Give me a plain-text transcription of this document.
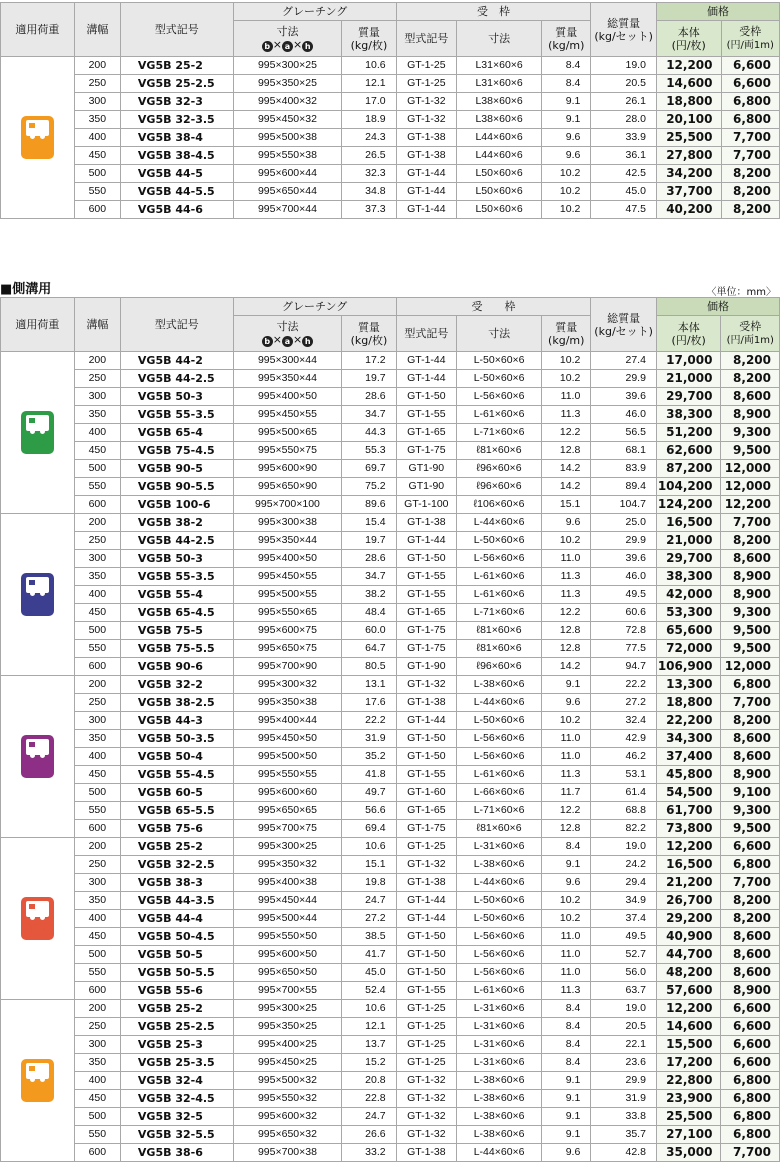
適用荷重	溝幅	型式記号	グレーチング		受　枠			総質量
(kg/セット)	価格	
			寸法
b × a × h	質量
(kg/枚)	型式記号	寸法	質量
(kg/m)		本体
(円/枚)	受枠
(円/両1m)

T-2	200	VG5B 25-2	995×300×25	10.6	GT-1-25	L31×60×6	8.4	19.0	12,200	6,600
	250	VG5B 25-2.5	995×350×25	12.1	GT-1-25	L31×60×6	8.4	20.5	14,600	6,600
	300	VG5B 32-3	995×400×32	17.0	GT-1-32	L38×60×6	9.1	26.1	18,800	6,800
	350	VG5B 32-3.5	995×450×32	18.9	GT-1-32	L38×60×6	9.1	28.0	20,100	6,800
	400	VG5B 38-4	995×500×38	24.3	GT-1-38	L44×60×6	9.6	33.9	25,500	7,700
	450	VG5B 38-4.5	995×550×38	26.5	GT-1-38	L44×60×6	9.6	36.1	27,800	7,700
	500	VG5B 44-5	995×600×44	32.3	GT-1-44	L50×60×6	10.2	42.5	34,200	8,200
	550	VG5B 44-5.5	995×650×44	34.8	GT-1-44	L50×60×6	10.2	45.0	37,700	8,200
	600	VG5B 44-6	995×700×44	37.3	GT-1-44	L50×60×6	10.2	47.5	40,200	8,200
■側溝用	〈単位：mm〉
適用荷重	溝幅	型式記号	グレーチング		受　　枠			総質量
(kg/セット)	価格	
			寸法
b × a × h	質量
(kg/枚)	型式記号	寸法	質量
(kg/m)		本体
(円/枚)	受枠
(円/両1m)

T-25	200	VG5B 44-2	995×300×44	17.2	GT-1-44	L-50×60×6	10.2	27.4	17,000	8,200
	250	VG5B 44-2.5	995×350×44	19.7	GT-1-44	L-50×60×6	10.2	29.9	21,000	8,200
	300	VG5B 50-3	995×400×50	28.6	GT-1-50	L-56×60×6	11.0	39.6	29,700	8,600
	350	VG5B 55-3.5	995×450×55	34.7	GT-1-55	L-61×60×6	11.3	46.0	38,300	8,900
	400	VG5B 65-4	995×500×65	44.3	GT-1-65	L-71×60×6	12.2	56.5	51,200	9,300
	450	VG5B 75-4.5	995×550×75	55.3	GT-1-75	ℓ81×60×6	12.8	68.1	62,600	9,500
	500	VG5B 90-5	995×600×90	69.7	GT1-90	ℓ96×60×6	14.2	83.9	87,200	12,000
	550	VG5B 90-5.5	995×650×90	75.2	GT1-90	ℓ96×60×6	14.2	89.4	104,200	12,000
	600	VG5B 100-6	995×700×100	89.6	GT-1-100	ℓ106×60×6	15.1	104.7	124,200	12,200

T-20	200	VG5B 38-2	995×300×38	15.4	GT-1-38	L-44×60×6	9.6	25.0	16,500	7,700
	250	VG5B 44-2.5	995×350×44	19.7	GT-1-44	L-50×60×6	10.2	29.9	21,000	8,200
	300	VG5B 50-3	995×400×50	28.6	GT-1-50	L-56×60×6	11.0	39.6	29,700	8,600
	350	VG5B 55-3.5	995×450×55	34.7	GT-1-55	L-61×60×6	11.3	46.0	38,300	8,900
	400	VG5B 55-4	995×500×55	38.2	GT-1-55	L-61×60×6	11.3	49.5	42,000	8,900
	450	VG5B 65-4.5	995×550×65	48.4	GT-1-65	L-71×60×6	12.2	60.6	53,300	9,300
	500	VG5B 75-5	995×600×75	60.0	GT-1-75	ℓ81×60×6	12.8	72.8	65,600	9,500
	550	VG5B 75-5.5	995×650×75	64.7	GT-1-75	ℓ81×60×6	12.8	77.5	72,000	9,500
	600	VG5B 90-6	995×700×90	80.5	GT-1-90	ℓ96×60×6	14.2	94.7	106,900	12,000

T-14	200	VG5B 32-2	995×300×32	13.1	GT-1-32	L-38×60×6	9.1	22.2	13,300	6,800
	250	VG5B 38-2.5	995×350×38	17.6	GT-1-38	L-44×60×6	9.6	27.2	18,800	7,700
	300	VG5B 44-3	995×400×44	22.2	GT-1-44	L-50×60×6	10.2	32.4	22,200	8,200
	350	VG5B 50-3.5	995×450×50	31.9	GT-1-50	L-56×60×6	11.0	42.9	34,300	8,600
	400	VG5B 50-4	995×500×50	35.2	GT-1-50	L-56×60×6	11.0	46.2	37,400	8,600
	450	VG5B 55-4.5	995×550×55	41.8	GT-1-55	L-61×60×6	11.3	53.1	45,800	8,900
	500	VG5B 60-5	995×600×60	49.7	GT-1-60	L-66×60×6	11.7	61.4	54,500	9,100
	550	VG5B 65-5.5	995×650×65	56.6	GT-1-65	L-71×60×6	12.2	68.8	61,700	9,300
	600	VG5B 75-6	995×700×75	69.4	GT-1-75	ℓ81×60×6	12.8	82.2	73,800	9,500

T-6	200	VG5B 25-2	995×300×25	10.6	GT-1-25	L-31×60×6	8.4	19.0	12,200	6,600
	250	VG5B 32-2.5	995×350×32	15.1	GT-1-32	L-38×60×6	9.1	24.2	16,500	6,800
	300	VG5B 38-3	995×400×38	19.8	GT-1-38	L-44×60×6	9.6	29.4	21,200	7,700
	350	VG5B 44-3.5	995×450×44	24.7	GT-1-44	L-50×60×6	10.2	34.9	26,700	8,200
	400	VG5B 44-4	995×500×44	27.2	GT-1-44	L-50×60×6	10.2	37.4	29,200	8,200
	450	VG5B 50-4.5	995×550×50	38.5	GT-1-50	L-56×60×6	11.0	49.5	40,900	8,600
	500	VG5B 50-5	995×600×50	41.7	GT-1-50	L-56×60×6	11.0	52.7	44,700	8,600
	550	VG5B 50-5.5	995×650×50	45.0	GT-1-50	L-56×60×6	11.0	56.0	48,200	8,600
	600	VG5B 55-6	995×700×55	52.4	GT-1-55	L-61×60×6	11.3	63.7	57,600	8,900

T-2	200	VG5B 25-2	995×300×25	10.6	GT-1-25	L-31×60×6	8.4	19.0	12,200	6,600
	250	VG5B 25-2.5	995×350×25	12.1	GT-1-25	L-31×60×6	8.4	20.5	14,600	6,600
	300	VG5B 25-3	995×400×25	13.7	GT-1-25	L-31×60×6	8.4	22.1	15,500	6,600
	350	VG5B 25-3.5	995×450×25	15.2	GT-1-25	L-31×60×6	8.4	23.6	17,200	6,600
	400	VG5B 32-4	995×500×32	20.8	GT-1-32	L-38×60×6	9.1	29.9	22,800	6,800
	450	VG5B 32-4.5	995×550×32	22.8	GT-1-32	L-38×60×6	9.1	31.9	23,900	6,800
	500	VG5B 32-5	995×600×32	24.7	GT-1-32	L-38×60×6	9.1	33.8	25,500	6,800
	550	VG5B 32-5.5	995×650×32	26.6	GT-1-32	L-38×60×6	9.1	35.7	27,100	6,800
	600	VG5B 38-6	995×700×38	33.2	GT-1-38	L-44×60×6	9.6	42.8	35,000	7,700
